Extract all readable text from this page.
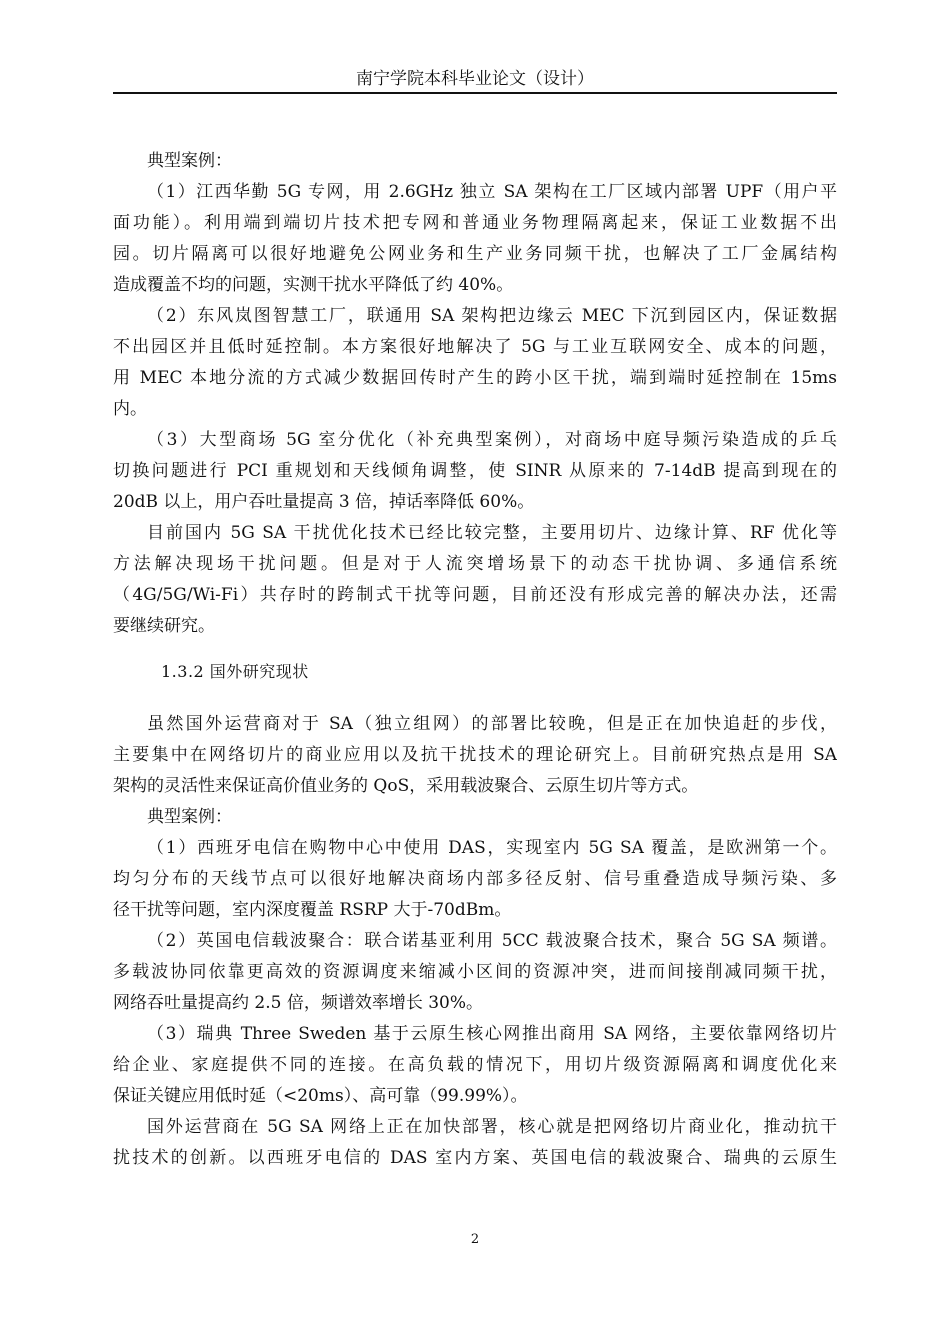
南宁学院本科毕业论文（设计）
典型案例：
（1）江西华勤 5G 专网，用 2.6GHz 独立 SA 架构在工厂区域内部署 UPF（用户平
面功能）。利用端到端切片技术把专网和普通业务物理隔离起来，保证工业数据不出
园。切片隔离可以很好地避免公网业务和生产业务同频干扰，也解决了工厂金属结构
造成覆盖不均的问题，实测干扰水平降低了约 40%。
（2）东风岚图智慧工厂，联通用 SA 架构把边缘云 MEC 下沉到园区内，保证数据
不出园区并且低时延控制。本方案很好地解决了 5G 与工业互联网安全、成本的问题，
用 MEC 本地分流的方式减少数据回传时产生的跨小区干扰，端到端时延控制在 15ms
内。
（3）大型商场 5G 室分优化（补充典型案例），对商场中庭导频污染造成的乒乓
切换问题进行 PCI 重规划和天线倾角调整，使 SINR 从原来的 7-14dB 提高到现在的
20dB 以上，用户吞吐量提高 3 倍，掉话率降低 60%。
目前国内 5G SA 干扰优化技术已经比较完整，主要用切片、边缘计算、RF 优化等
方法解决现场干扰问题。但是对于人流突增场景下的动态干扰协调、多通信系统
（4G/5G/Wi-Fi）共存时的跨制式干扰等问题，目前还没有形成完善的解决办法，还需
要继续研究。
1.3.2 国外研究现状
虽然国外运营商对于 SA（独立组网）的部署比较晚，但是正在加快追赶的步伐，
主要集中在网络切片的商业应用以及抗干扰技术的理论研究上。目前研究热点是用 SA
架构的灵活性来保证高价值业务的 QoS，采用载波聚合、云原生切片等方式。
典型案例：
（1）西班牙电信在购物中心中使用 DAS，实现室内 5G SA 覆盖，是欧洲第一个。
均匀分布的天线节点可以很好地解决商场内部多径反射、信号重叠造成导频污染、多
径干扰等问题，室内深度覆盖 RSRP 大于-70dBm。
（2）英国电信载波聚合：联合诺基亚利用 5CC 载波聚合技术，聚合 5G SA 频谱。
多载波协同依靠更高效的资源调度来缩减小区间的资源冲突，进而间接削减同频干扰，
网络吞吐量提高约 2.5 倍，频谱效率增长 30%。
（3）瑞典 Three Sweden 基于云原生核心网推出商用 SA 网络，主要依靠网络切片
给企业、家庭提供不同的连接。在高负载的情况下，用切片级资源隔离和调度优化来
保证关键应用低时延（<20ms）、高可靠（99.99%）。
国外运营商在 5G SA 网络上正在加快部署，核心就是把网络切片商业化，推动抗干
扰技术的创新。以西班牙电信的 DAS 室内方案、英国电信的载波聚合、瑞典的云原生
2
